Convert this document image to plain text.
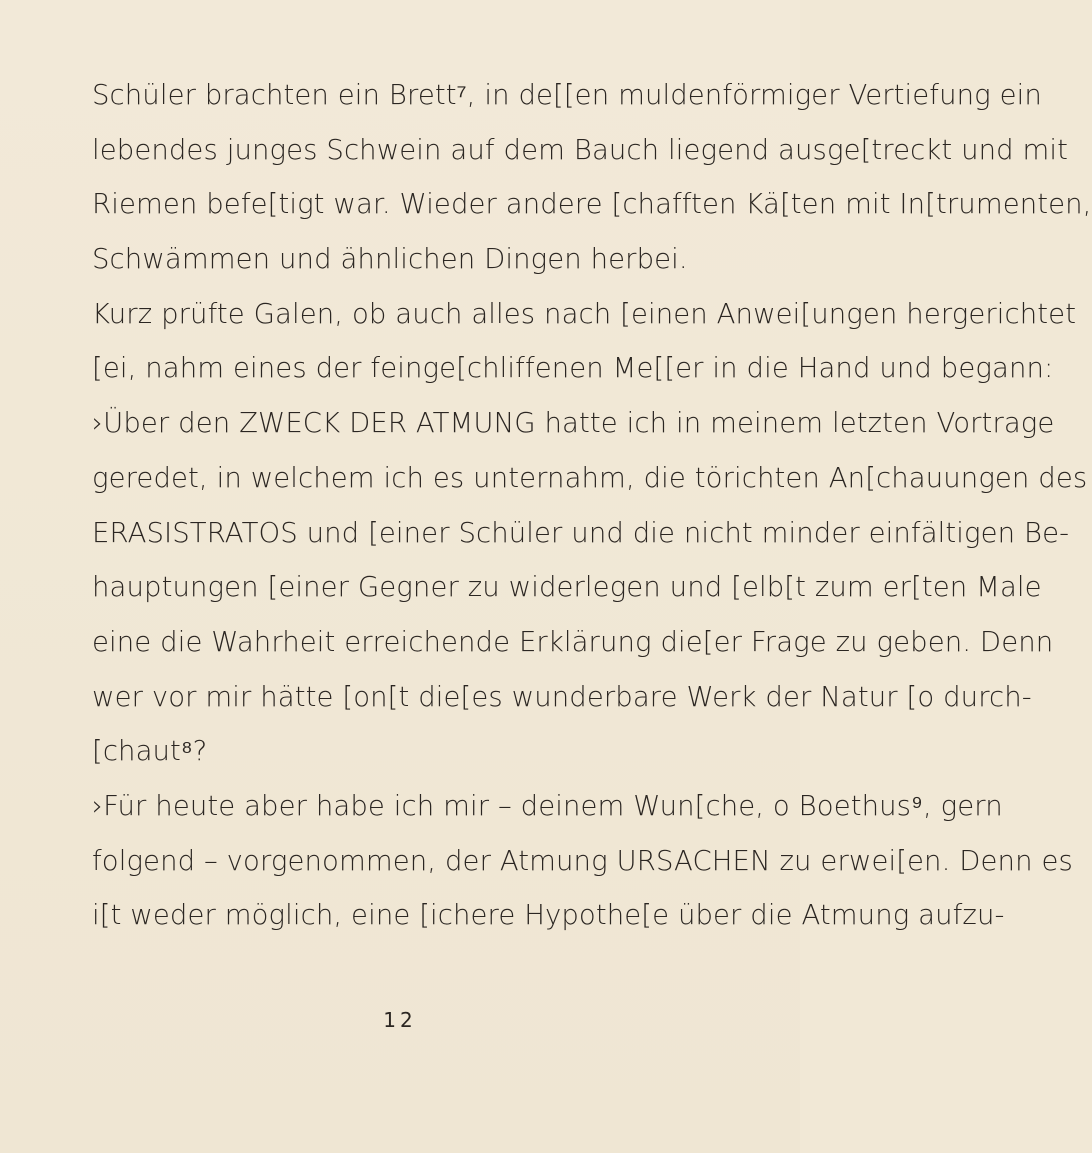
Schüler brachten ein Brett⁷, in de[[en muldenförmiger Vertiefung ein
lebendes junges Schwein auf dem Bauch liegend ausge[treckt und mit
Riemen befe[tigt war. Wieder andere [chafften Kä[ten mit In[trumenten,
Schwämmen und ähnlichen Dingen herbei.
Kurz prüfte Galen, ob auch alles nach [einen Anwei[ungen hergerichtet
[ei, nahm eines der feinge[chliffenen Me[[er in die Hand und begann:
›Über den ZWECK DER ATMUNG hatte ich in meinem letzten Vortrage
geredet, in welchem ich es unternahm, die törichten An[chauungen des
ERASISTRATOS und [einer Schüler und die nicht minder einfältigen Be-
hauptungen [einer Gegner zu widerlegen und [elb[t zum er[ten Male
eine die Wahrheit erreichende Erklärung die[er Frage zu geben. Denn
wer vor mir hätte [on[t die[es wunderbare Werk der Natur [o durch-
[chaut⁸?
›Für heute aber habe ich mir – deinem Wun[che, o Boethus⁹, gern
folgend – vorgenommen, der Atmung URSACHEN zu erwei[en. Denn es
i[t weder möglich, eine [ichere Hypothe[e über die Atmung aufzu-
12
